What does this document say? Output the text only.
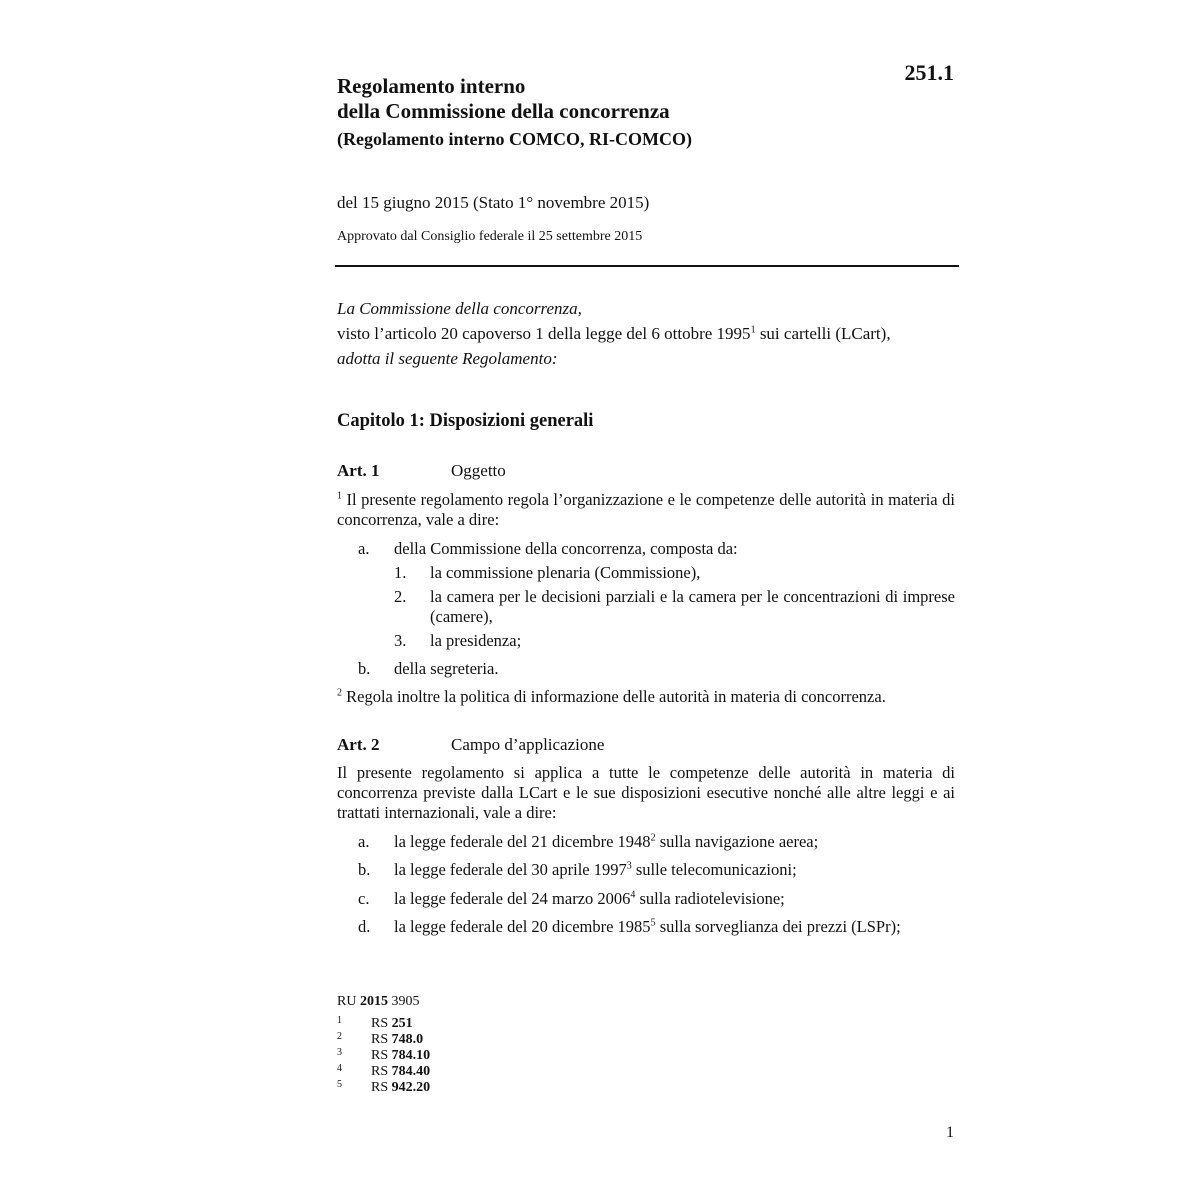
251.1
Regolamento interno
della Commissione della concorrenza
(Regolamento interno COMCO, RI-COMCO)
del 15 giugno 2015 (Stato 1° novembre 2015)
Approvato dal Consiglio federale il 25 settembre 2015
La Commissione della concorrenza,
visto l’articolo 20 capoverso 1 della legge del 6 ottobre 1995$^1$ sui cartelli (LCart),
adotta il seguente Regolamento:
Capitolo 1: Disposizioni generali
Art. 1	Oggetto
$^1$ Il presente regolamento regola l’organizzazione e le competenze delle autorità in materia di concorrenza, vale a dire:
a. della Commissione della concorrenza, composta da:
1. la commissione plenaria (Commissione),
2. la camera per le decisioni parziali e la camera per le concentrazioni di imprese (camere),
3. la presidenza;
b. della segreteria.
$^2$ Regola inoltre la politica di informazione delle autorità in materia di concorrenza.
Art. 2	Campo d’applicazione
Il presente regolamento si applica a tutte le competenze delle autorità in materia di concorrenza previste dalla LCart e le sue disposizioni esecutive nonché alle altre leggi e ai trattati internazionali, vale a dire:
a. la legge federale del 21 dicembre 1948$^2$ sulla navigazione aerea;
b. la legge federale del 30 aprile 1997$^3$ sulle telecomunicazioni;
c. la legge federale del 24 marzo 2006$^4$ sulla radiotelevisione;
d. la legge federale del 20 dicembre 1985$^5$ sulla sorveglianza dei prezzi (LSPr);
RU 2015 3905
1 RS 251
2 RS 748.0
3 RS 784.10
4 RS 784.40
5 RS 942.20
1
